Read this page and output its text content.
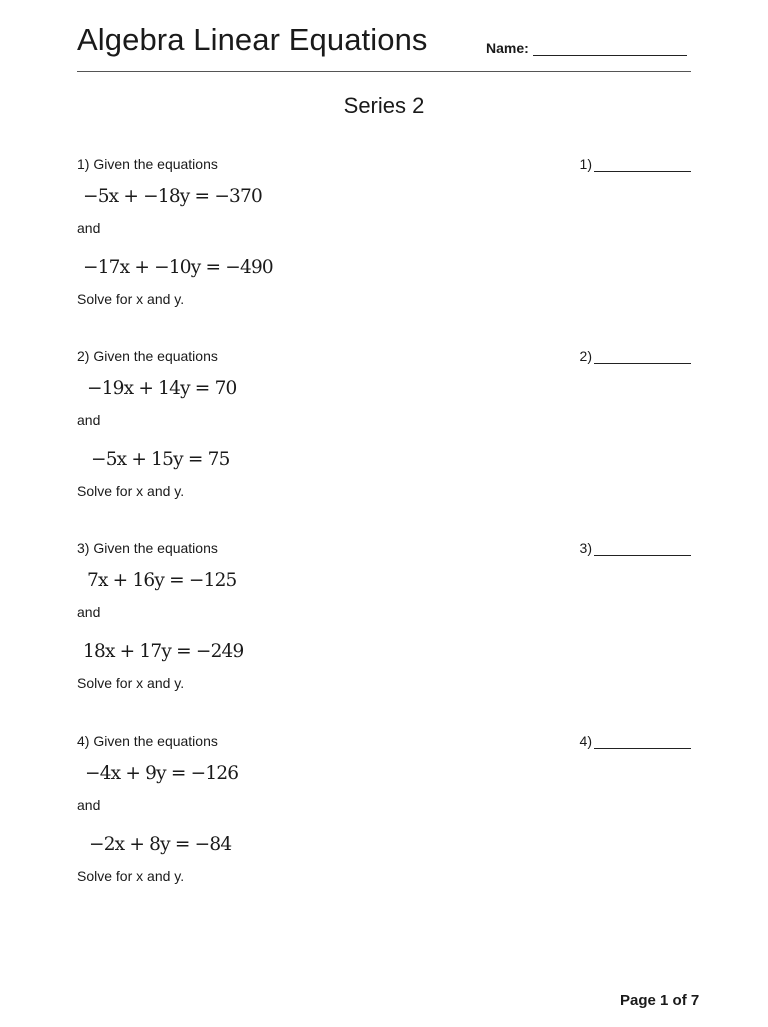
Algebra Linear Equations	Name:
Series 2
1) Given the equations	1)
−5x + −18y = −370
and
−17x + −10y = −490
Solve for x and y.
2) Given the equations	2)
−19x + 14y = 70
and
−5x + 15y = 75
Solve for x and y.
3) Given the equations	3)
7x + 16y = −125
and
18x + 17y = −249
Solve for x and y.
4) Given the equations	4)
−4x + 9y = −126
and
−2x + 8y = −84
Solve for x and y.
Page 1 of 7
